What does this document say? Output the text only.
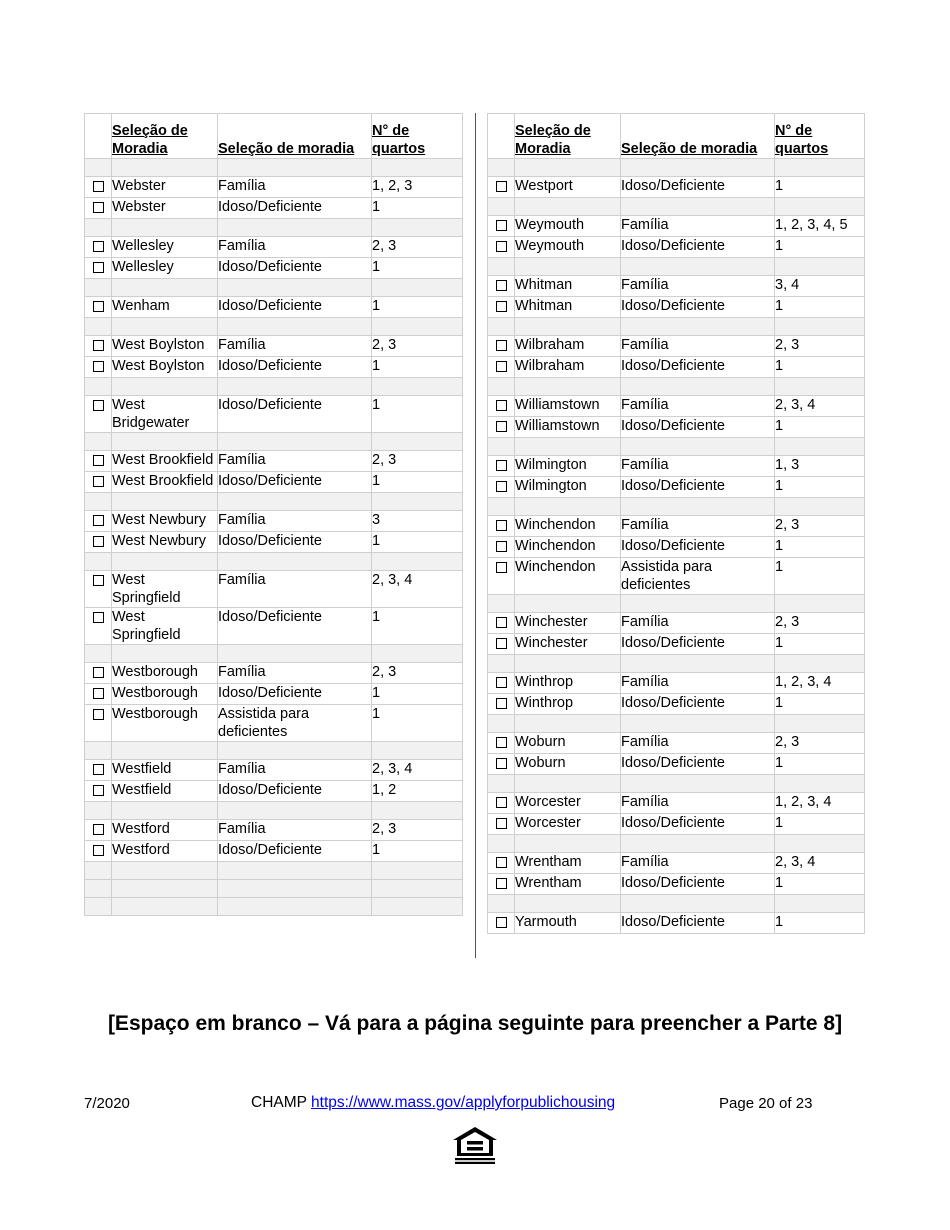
	Seleção de Moradia	Seleção de moradia	N° de quartos

	Webster	Família	1, 2, 3
	Webster	Idoso/Deficiente	1

	Wellesley	Família	2, 3
	Wellesley	Idoso/Deficiente	1

	Wenham	Idoso/Deficiente	1

	West Boylston	Família	2, 3
	West Boylston	Idoso/Deficiente	1

	West Bridgewater	Idoso/Deficiente	1

	West Brookfield	Família	2, 3
	West Brookfield	Idoso/Deficiente	1

	West Newbury	Família	3
	West Newbury	Idoso/Deficiente	1

	West Springfield	Família	2, 3, 4
	West Springfield	Idoso/Deficiente	1

	Westborough	Família	2, 3
	Westborough	Idoso/Deficiente	1
	Westborough	Assistida para deficientes	1

	Westfield	Família	2, 3, 4
	Westfield	Idoso/Deficiente	1, 2

	Westford	Família	2, 3
	Westford	Idoso/Deficiente	1

	Seleção de Moradia	Seleção de moradia	N° de quartos

	Westport	Idoso/Deficiente	1

	Weymouth	Família	1, 2, 3, 4, 5
	Weymouth	Idoso/Deficiente	1

	Whitman	Família	3, 4
	Whitman	Idoso/Deficiente	1

	Wilbraham	Família	2, 3
	Wilbraham	Idoso/Deficiente	1

	Williamstown	Família	2, 3, 4
	Williamstown	Idoso/Deficiente	1

	Wilmington	Família	1, 3
	Wilmington	Idoso/Deficiente	1

	Winchendon	Família	2, 3
	Winchendon	Idoso/Deficiente	1
	Winchendon	Assistida para deficientes	1

	Winchester	Família	2, 3
	Winchester	Idoso/Deficiente	1

	Winthrop	Família	1, 2, 3, 4
	Winthrop	Idoso/Deficiente	1

	Woburn	Família	2, 3
	Woburn	Idoso/Deficiente	1

	Worcester	Família	1, 2, 3, 4
	Worcester	Idoso/Deficiente	1

	Wrentham	Família	2, 3, 4
	Wrentham	Idoso/Deficiente	1

	Yarmouth	Idoso/Deficiente	1
[Espaço em branco – Vá para a página seguinte para preencher a Parte 8]
7/2020	CHAMP https://www.mass.gov/applyforpublichousing	Page 20 of 23
